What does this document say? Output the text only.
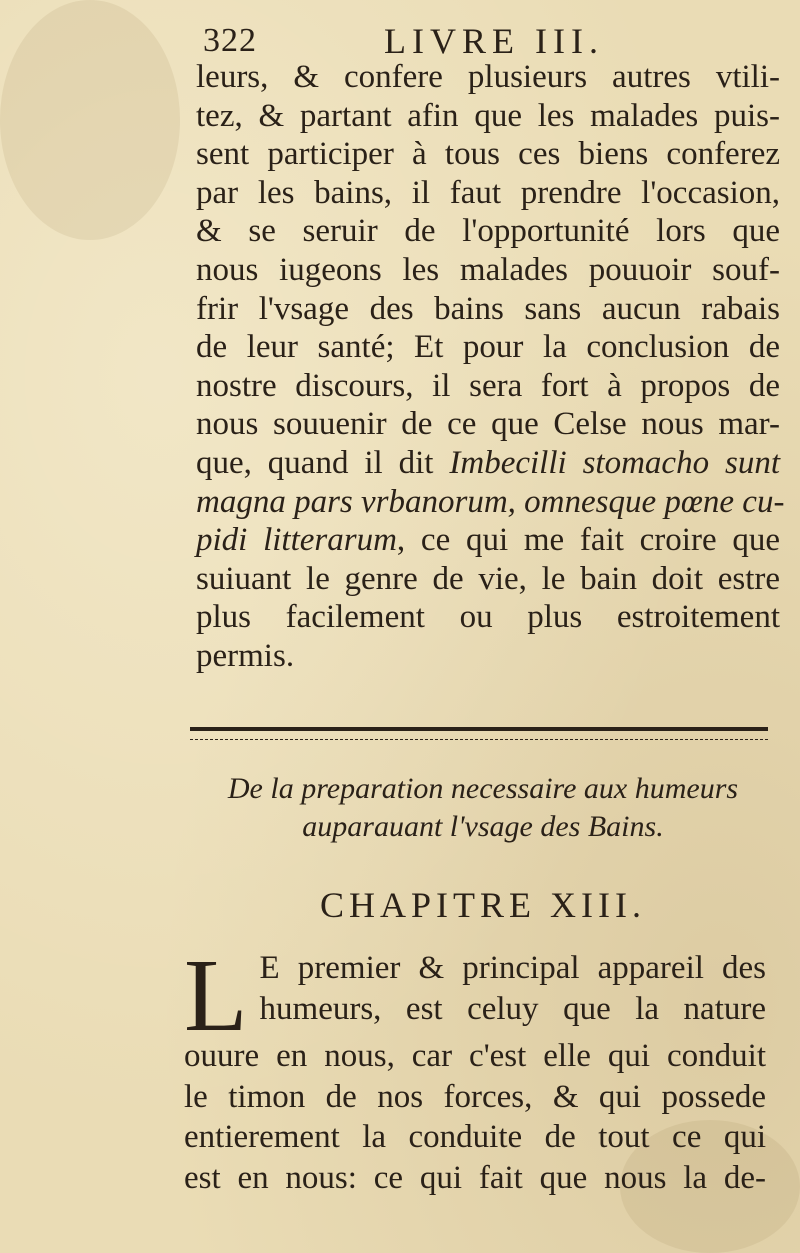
322	LIVRE III.
leurs, & confere plusieurs autres vtili-
tez, & partant afin que les malades puis-
sent participer à tous ces biens conferez
par les bains, il faut prendre l'occasion,
& se seruir de l'opportunité lors que
nous iugeons les malades pouuoir souf-
frir l'vsage des bains sans aucun rabais
de leur santé; Et pour la conclusion de
nostre discours, il sera fort à propos de
nous souuenir de ce que Celse nous mar-
que, quand il dit Imbecilli stomacho sunt
magna pars vrbanorum, omnesque pœne cu-
pidi litterarum, ce qui me fait croire que
suiuant le genre de vie, le bain doit estre
plus facilement ou plus estroitement
permis.
De la preparation necessaire aux humeurs
auparauant l'vsage des Bains.
CHAPITRE XIII.
L E premier & principal appareil des
humeurs, est celuy que la nature
ouure en nous, car c'est elle qui conduit
le timon de nos forces, & qui possede
entierement la conduite de tout ce qui
est en nous: ce qui fait que nous la de-
